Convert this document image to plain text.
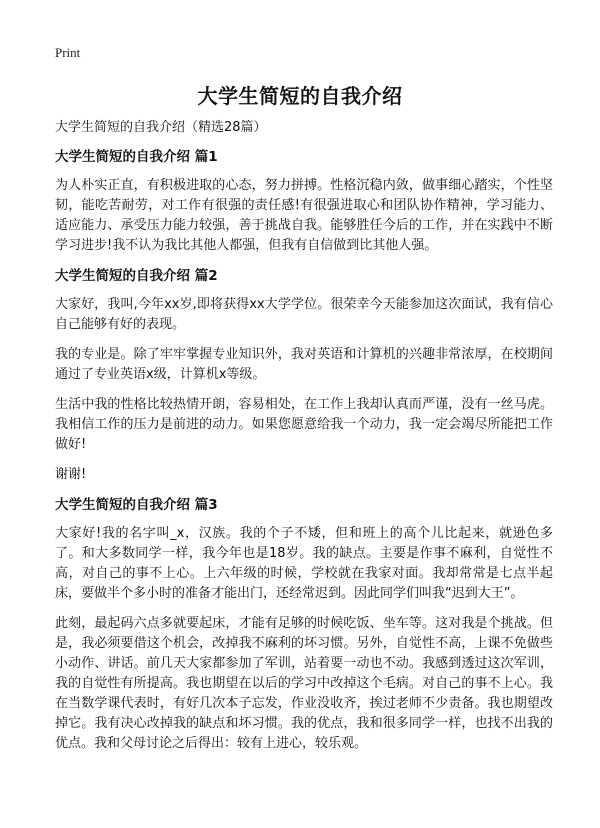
Print
大学生简短的自我介绍

大学生简短的自我介绍（精选28篇）

大学生简短的自我介绍 篇1

为人朴实正直，有积极进取的心态，努力拼搏。性格沉稳内敛，做事细心踏实，个性坚韧，能吃苦耐劳，对工作有很强的责任感!有很强进取心和团队协作精神，学习能力、适应能力、承受压力能力较强，善于挑战自我。能够胜任今后的工作，并在实践中不断学习进步!我不认为我比其他人都强，但我有自信做到比其他人强。

大学生简短的自我介绍 篇2

大家好，我叫,今年xx岁,即将获得xx大学学位。很荣幸今天能参加这次面试，我有信心自己能够有好的表现。

我的专业是。除了牢牢掌握专业知识外，我对英语和计算机的兴趣非常浓厚，在校期间通过了专业英语x级，计算机x等级。

生活中我的性格比较热情开朗，容易相处，在工作上我却认真而严谨，没有一丝马虎。我相信工作的压力是前进的动力。如果您愿意给我一个动力，我一定会竭尽所能把工作做好!

谢谢!

大学生简短的自我介绍 篇3

大家好!我的名字叫_x，汉族。我的个子不矮，但和班上的高个儿比起来，就逊色多了。和大多数同学一样，我今年也是18岁。我的缺点。主要是作事不麻利，自觉性不高，对自己的事不上心。上六年级的时候，学校就在我家对面。我却常常是七点半起床，要做半个多小时的准备才能出门，还经常迟到。因此同学们叫我“迟到大王”。

此刻，最起码六点多就要起床，才能有足够的时候吃饭、坐车等。这对我是个挑战。但是，我必须要借这个机会，改掉我不麻利的坏习惯。另外，自觉性不高，上课不免做些小动作、讲话。前几天大家都参加了军训，站着要一动也不动。我感到透过这次军训，我的自觉性有所提高。我也期望在以后的学习中改掉这个毛病。对自己的事不上心。我在当数学课代表时，有好几次本子忘发，作业没收齐，挨过老师不少责备。我也期望改掉它。我有决心改掉我的缺点和坏习惯。我的优点，我和很多同学一样，也找不出我的优点。我和父母讨论之后得出：较有上进心，较乐观。
